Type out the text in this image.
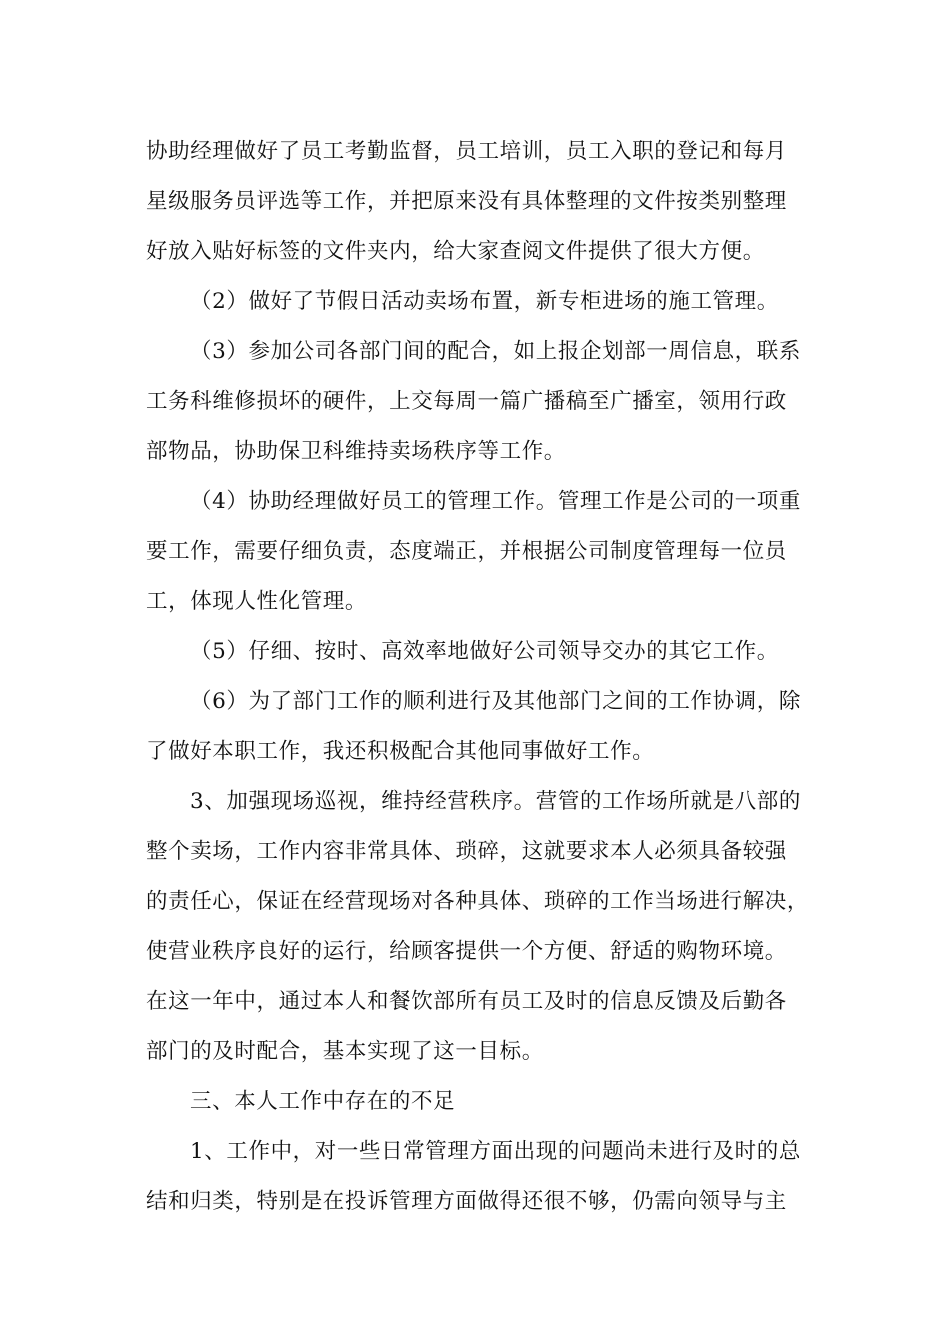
协助经理做好了员工考勤监督，员工培训，员工入职的登记和每月
星级服务员评选等工作，并把原来没有具体整理的文件按类别整理
好放入贴好标签的文件夹内，给大家查阅文件提供了很大方便。
（2）做好了节假日活动卖场布置，新专柜进场的施工管理。
（3）参加公司各部门间的配合，如上报企划部一周信息，联系
工务科维修损坏的硬件，上交每周一篇广播稿至广播室，领用行政
部物品，协助保卫科维持卖场秩序等工作。
（4）协助经理做好员工的管理工作。管理工作是公司的一项重
要工作，需要仔细负责，态度端正，并根据公司制度管理每一位员
工，体现人性化管理。
（5）仔细、按时、高效率地做好公司领导交办的其它工作。
（6）为了部门工作的顺利进行及其他部门之间的工作协调，除
了做好本职工作，我还积极配合其他同事做好工作。
3、加强现场巡视，维持经营秩序。营管的工作场所就是八部的
整个卖场，工作内容非常具体、琐碎，这就要求本人必须具备较强
的责任心，保证在经营现场对各种具体、琐碎的工作当场进行解决，
使营业秩序良好的运行，给顾客提供一个方便、舒适的购物环境。
在这一年中，通过本人和餐饮部所有员工及时的信息反馈及后勤各
部门的及时配合，基本实现了这一目标。
三、本人工作中存在的不足
1、工作中，对一些日常管理方面出现的问题尚未进行及时的总
结和归类，特别是在投诉管理方面做得还很不够，仍需向领导与主
